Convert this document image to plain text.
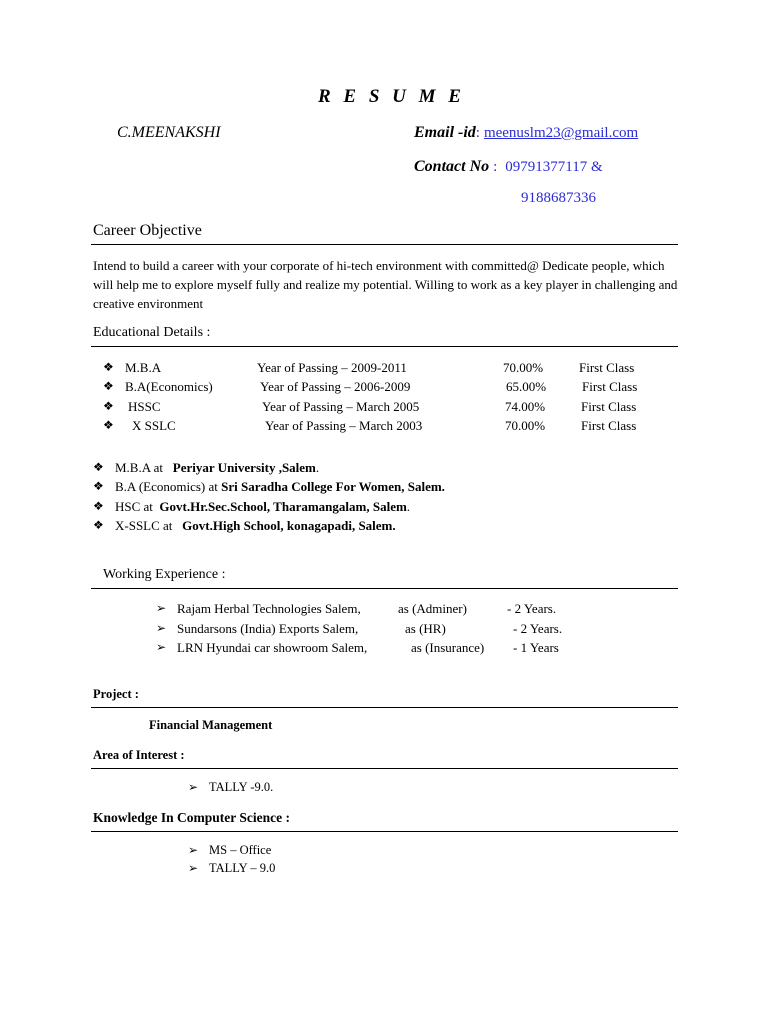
R E S U M E
C.MEENAKSHI	Email -id: meenuslm23@gmail.com
Contact No : 09791377117 &
9188687336
Career Objective
Intend to build a career with your corporate of hi-tech environment with committed@ Dedicate people, which will help me to explore myself fully and realize my potential. Willing to work as a key player in challenging and creative environment
Educational Details :
❖ M.B.A	Year of Passing – 2009-2011	70.00%	First Class
❖ B.A(Economics)	Year of Passing – 2006-2009	65.00%	First Class
❖ HSSC	Year of Passing – March 2005	74.00%	First Class
❖ X SSLC	Year of Passing – March 2003	70.00%	First Class
❖ M.B.A at Periyar University ,Salem.
❖ B.A (Economics) at Sri Saradha College For Women, Salem.
❖ HSC at Govt.Hr.Sec.School, Tharamangalam, Salem.
❖ X-SSLC at Govt.High School, konagapadi, Salem.
Working Experience :
➢ Rajam Herbal Technologies Salem,	as (Adminer)	- 2 Years.
➢ Sundarsons (India) Exports Salem,	as (HR)	- 2 Years.
➢ LRN Hyundai car showroom Salem,	as (Insurance) - 1 Years
Project :
Financial Management
Area of Interest :
➢ TALLY -9.0.
Knowledge In Computer Science :
➢ MS – Office
➢ TALLY – 9.0
